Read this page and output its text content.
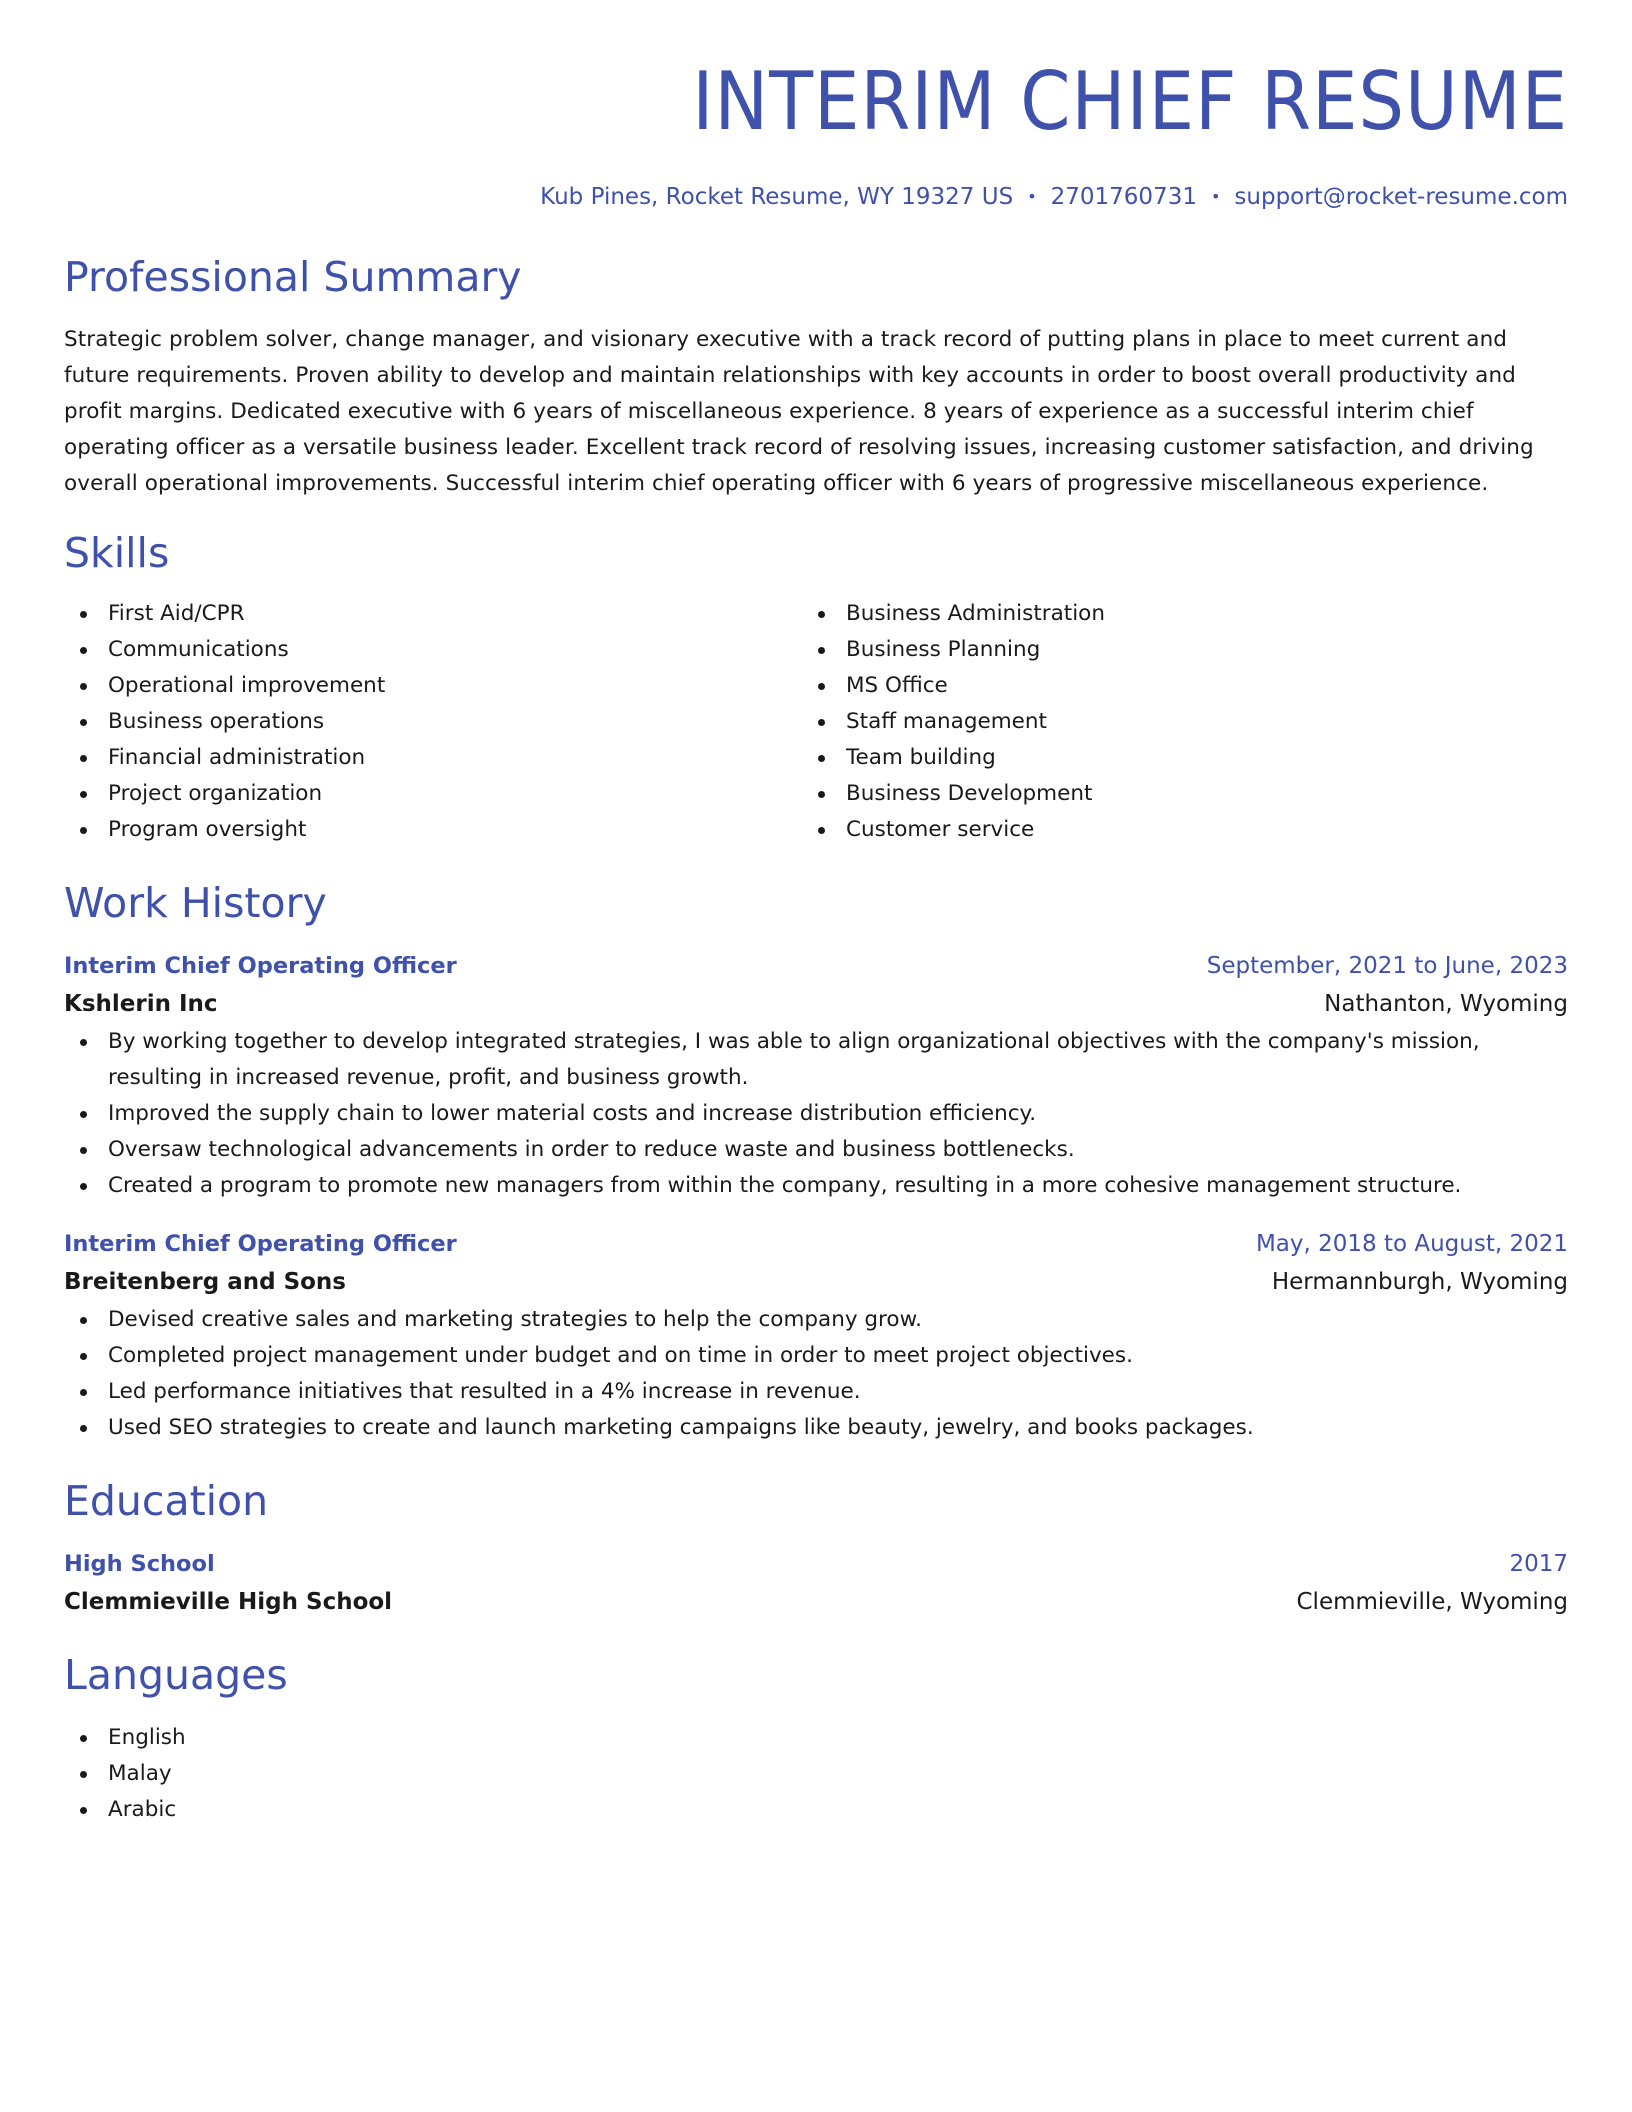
INTERIM CHIEF RESUME
Kub Pines, Rocket Resume, WY 19327 US • 2701760731 • support@rocket-resume.com
Professional Summary

Strategic problem solver, change manager, and visionary executive with a track record of putting plans in place to meet current and future requirements. Proven ability to develop and maintain relationships with key accounts in order to boost overall productivity and profit margins. Dedicated executive with 6 years of miscellaneous experience. 8 years of experience as a successful interim chief operating officer as a versatile business leader. Excellent track record of resolving issues, increasing customer satisfaction, and driving overall operational improvements. Successful interim chief operating officer with 6 years of progressive miscellaneous experience.

Skills
First Aid/CPR
Communications
Operational improvement
Business operations
Financial administration
Project organization
Program oversight
Business Administration
Business Planning
MS Office
Staff management
Team building
Business Development
Customer service
Work History
Interim Chief Operating Officer	September, 2021 to June, 2023
Kshlerin Inc	Nathanton, Wyoming
By working together to develop integrated strategies, I was able to align organizational objectives with the company's mission, resulting in increased revenue, profit, and business growth.
Improved the supply chain to lower material costs and increase distribution efficiency.
Oversaw technological advancements in order to reduce waste and business bottlenecks.
Created a program to promote new managers from within the company, resulting in a more cohesive management structure.
Interim Chief Operating Officer	May, 2018 to August, 2021
Breitenberg and Sons	Hermannburgh, Wyoming
Devised creative sales and marketing strategies to help the company grow.
Completed project management under budget and on time in order to meet project objectives.
Led performance initiatives that resulted in a 4% increase in revenue.
Used SEO strategies to create and launch marketing campaigns like beauty, jewelry, and books packages.
Education
High School	2017
Clemmieville High School	Clemmieville, Wyoming
Languages
English
Malay
Arabic
